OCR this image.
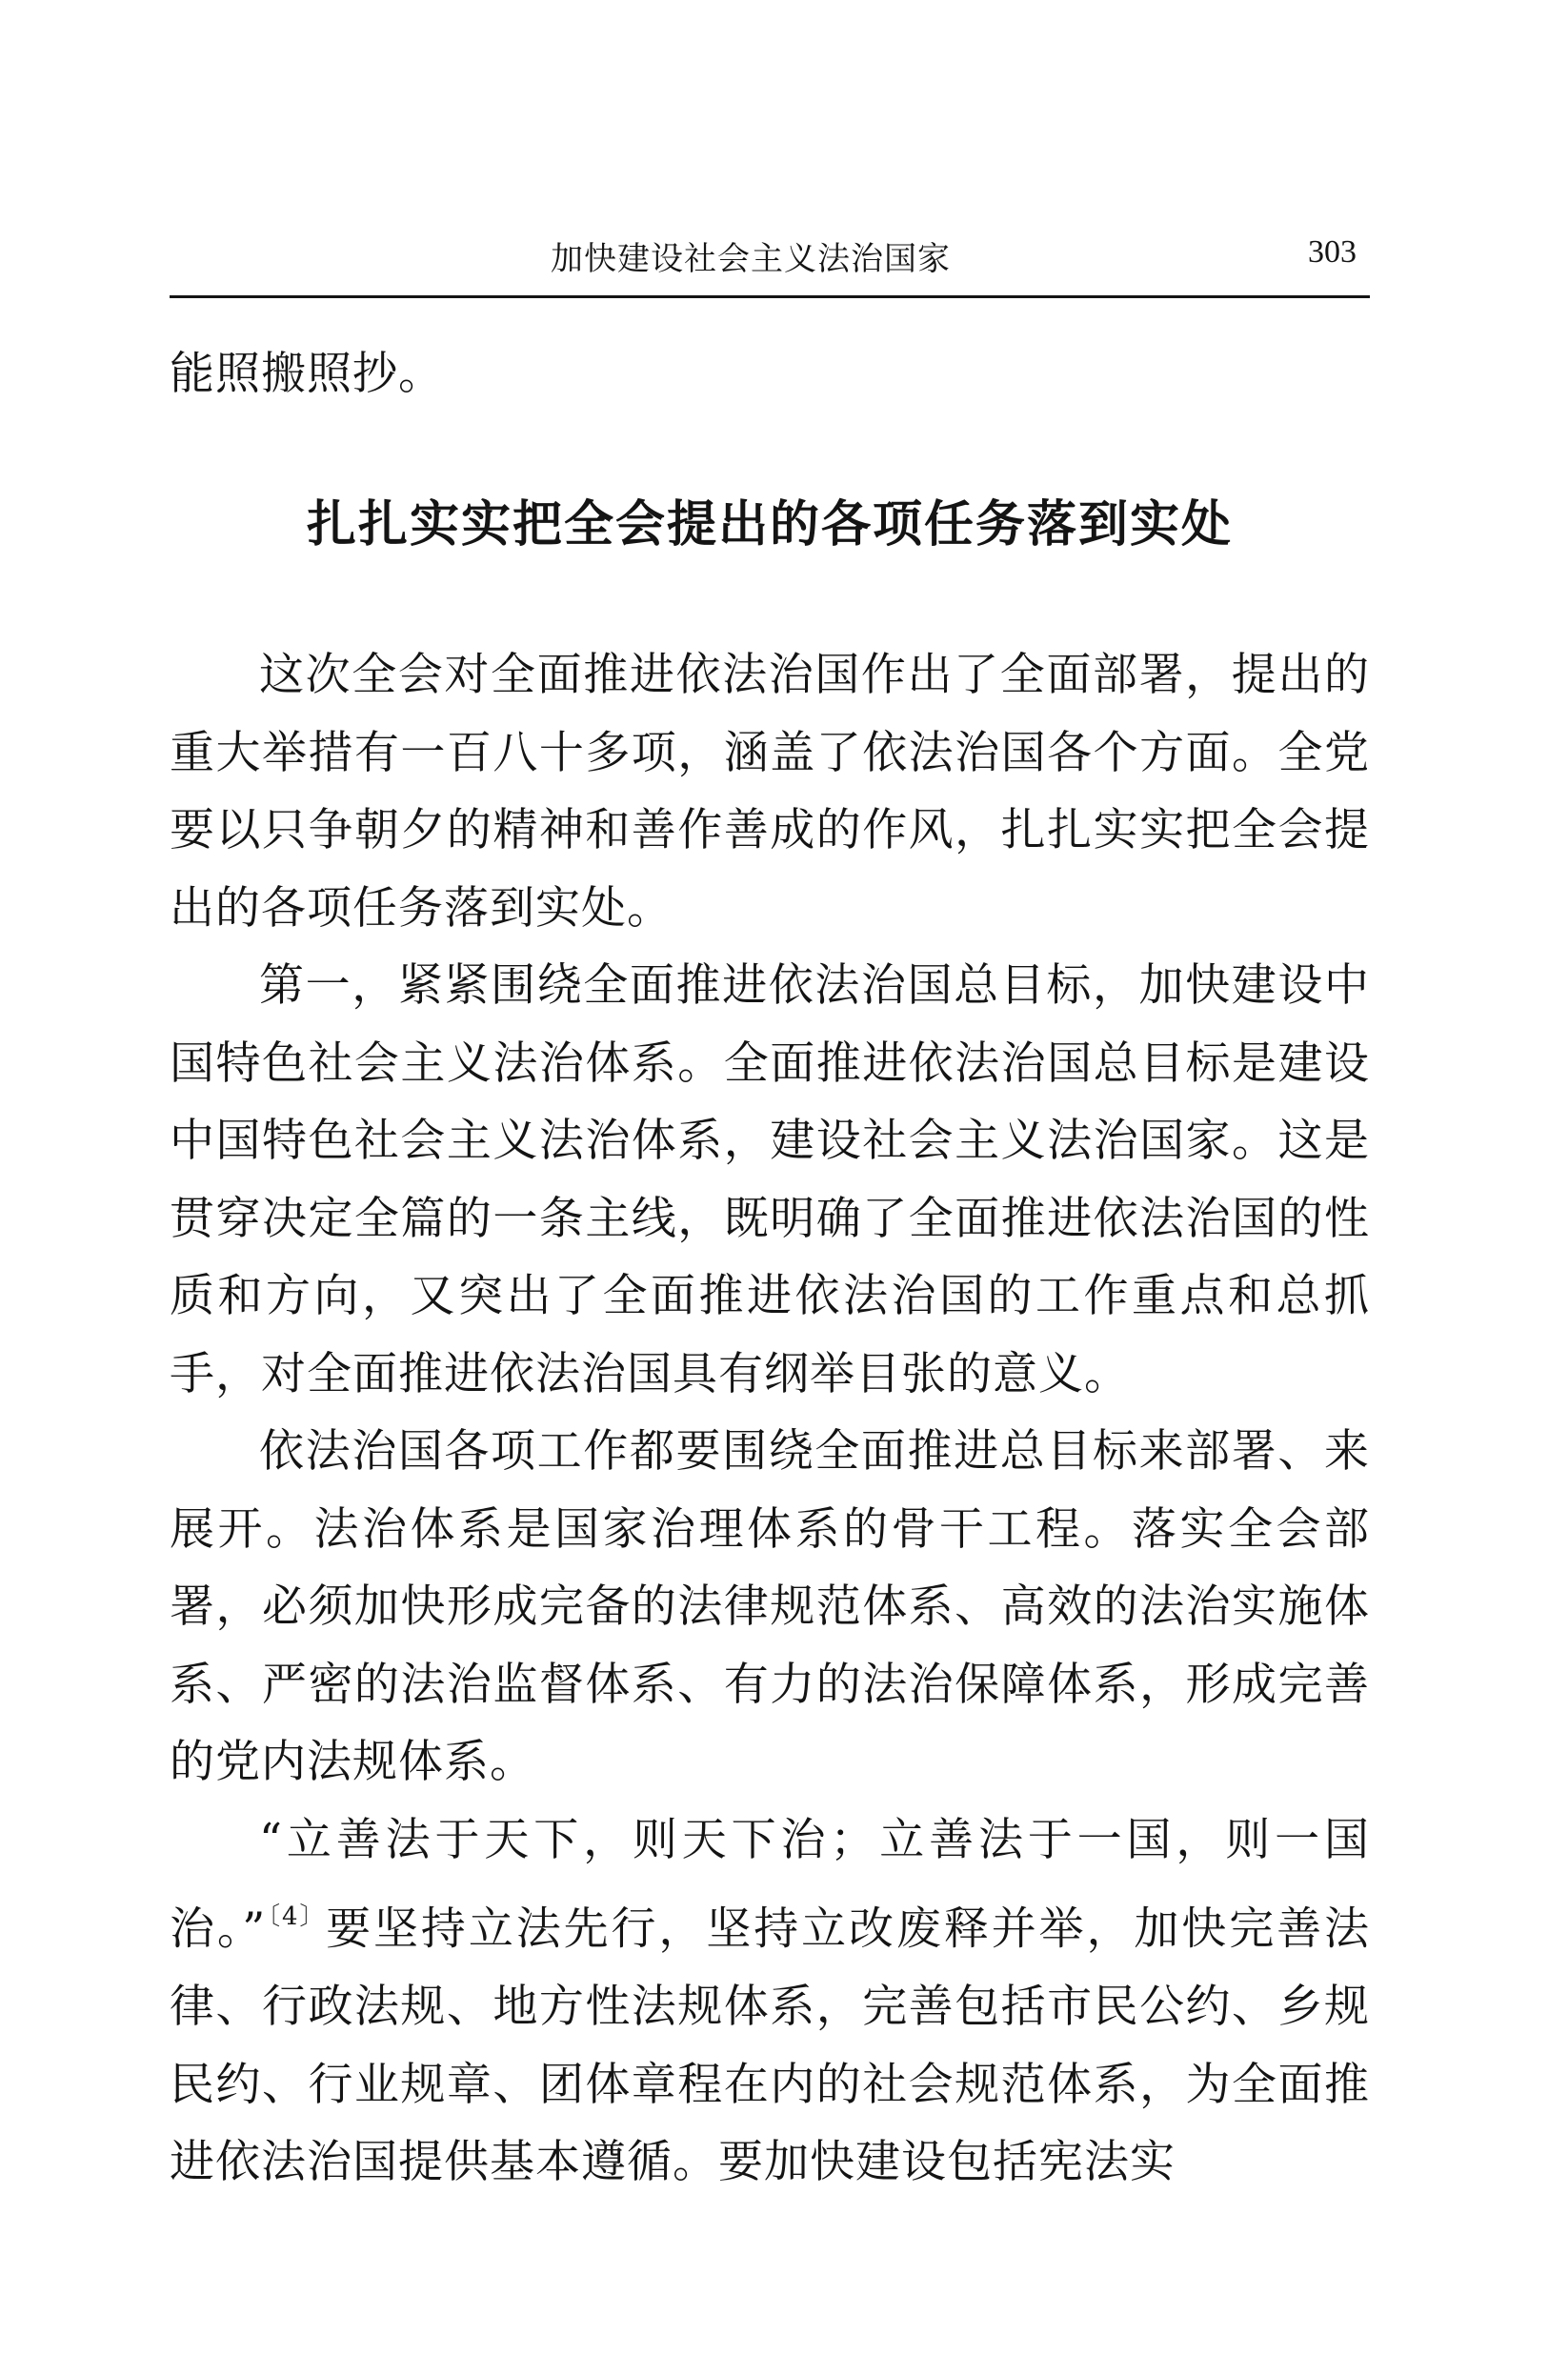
加快建设社会主义法治国家	303
能照搬照抄。
扎扎实实把全会提出的各项任务落到实处

这次全会对全面推进依法治国作出了全面部署，提出的重大举措有一百八十多项，涵盖了依法治国各个方面。全党要以只争朝夕的精神和善作善成的作风，扎扎实实把全会提出的各项任务落到实处。

第一，紧紧围绕全面推进依法治国总目标，加快建设中国特色社会主义法治体系。全面推进依法治国总目标是建设中国特色社会主义法治体系，建设社会主义法治国家。这是贯穿决定全篇的一条主线，既明确了全面推进依法治国的性质和方向，又突出了全面推进依法治国的工作重点和总抓手，对全面推进依法治国具有纲举目张的意义。

依法治国各项工作都要围绕全面推进总目标来部署、来展开。法治体系是国家治理体系的骨干工程。落实全会部署，必须加快形成完备的法律规范体系、高效的法治实施体系、严密的法治监督体系、有力的法治保障体系，形成完善的党内法规体系。

“立善法于天下，则天下治；立善法于一国，则一国治。”$^{〔4〕}$要坚持立法先行，坚持立改废释并举，加快完善法律、行政法规、地方性法规体系，完善包括市民公约、乡规民约、行业规章、团体章程在内的社会规范体系，为全面推进依法治国提供基本遵循。要加快建设包括宪法实
